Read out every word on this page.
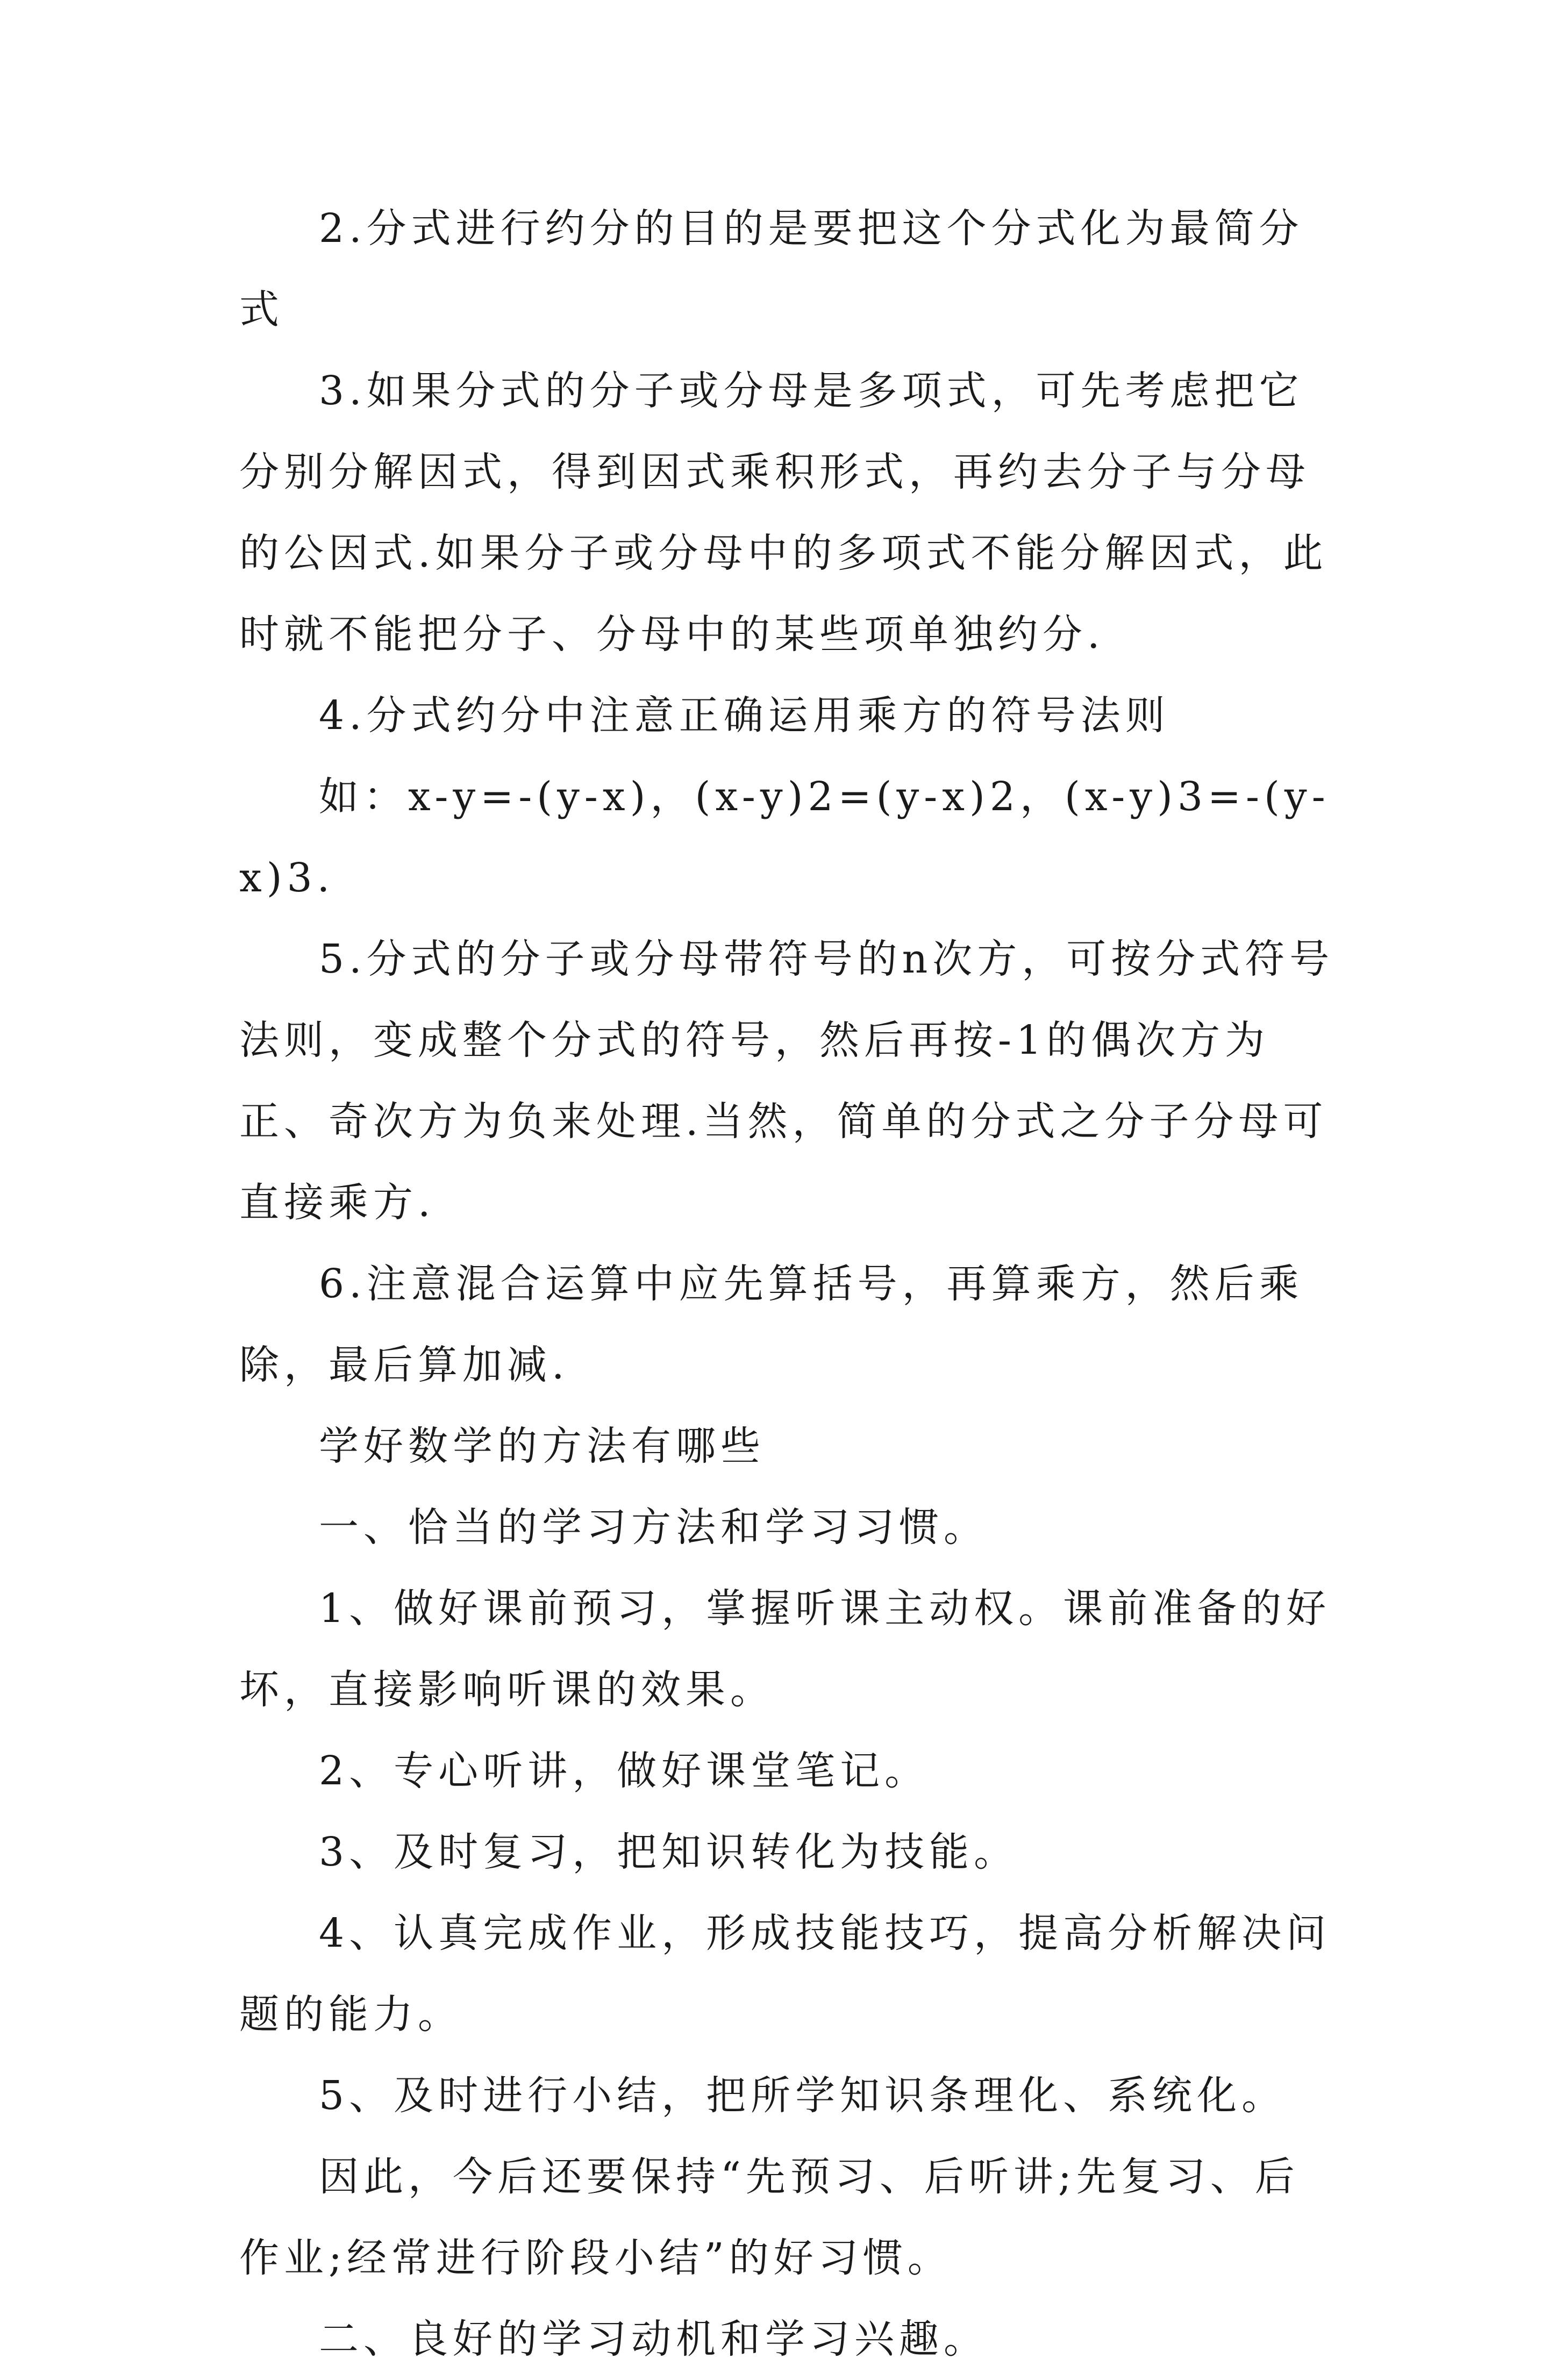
2.分式进行约分的目的是要把这个分式化为最简分式

3.如果分式的分子或分母是多项式，可先考虑把它分别分解因式，得到因式乘积形式，再约去分子与分母的公因式.如果分子或分母中的多项式不能分解因式，此时就不能把分子、分母中的某些项单独约分.

4.分式约分中注意正确运用乘方的符号法则

如：x-y=-(y-x)，(x-y)2=(y-x)2，(x-y)3=-(y-x)3.

5.分式的分子或分母带符号的n次方，可按分式符号法则，变成整个分式的符号，然后再按-1的偶次方为正、奇次方为负来处理.当然，简单的分式之分子分母可直接乘方.

6.注意混合运算中应先算括号，再算乘方，然后乘除，最后算加减.

学好数学的方法有哪些

一、恰当的学习方法和学习习惯。

1、做好课前预习，掌握听课主动权。课前准备的好坏，直接影响听课的效果。

2、专心听讲，做好课堂笔记。

3、及时复习，把知识转化为技能。

4、认真完成作业，形成技能技巧，提高分析解决问题的能力。

5、及时进行小结，把所学知识条理化、系统化。

因此，今后还要保持“先预习、后听讲;先复习、后作业;经常进行阶段小结”的好习惯。

二、良好的学习动机和学习兴趣。
